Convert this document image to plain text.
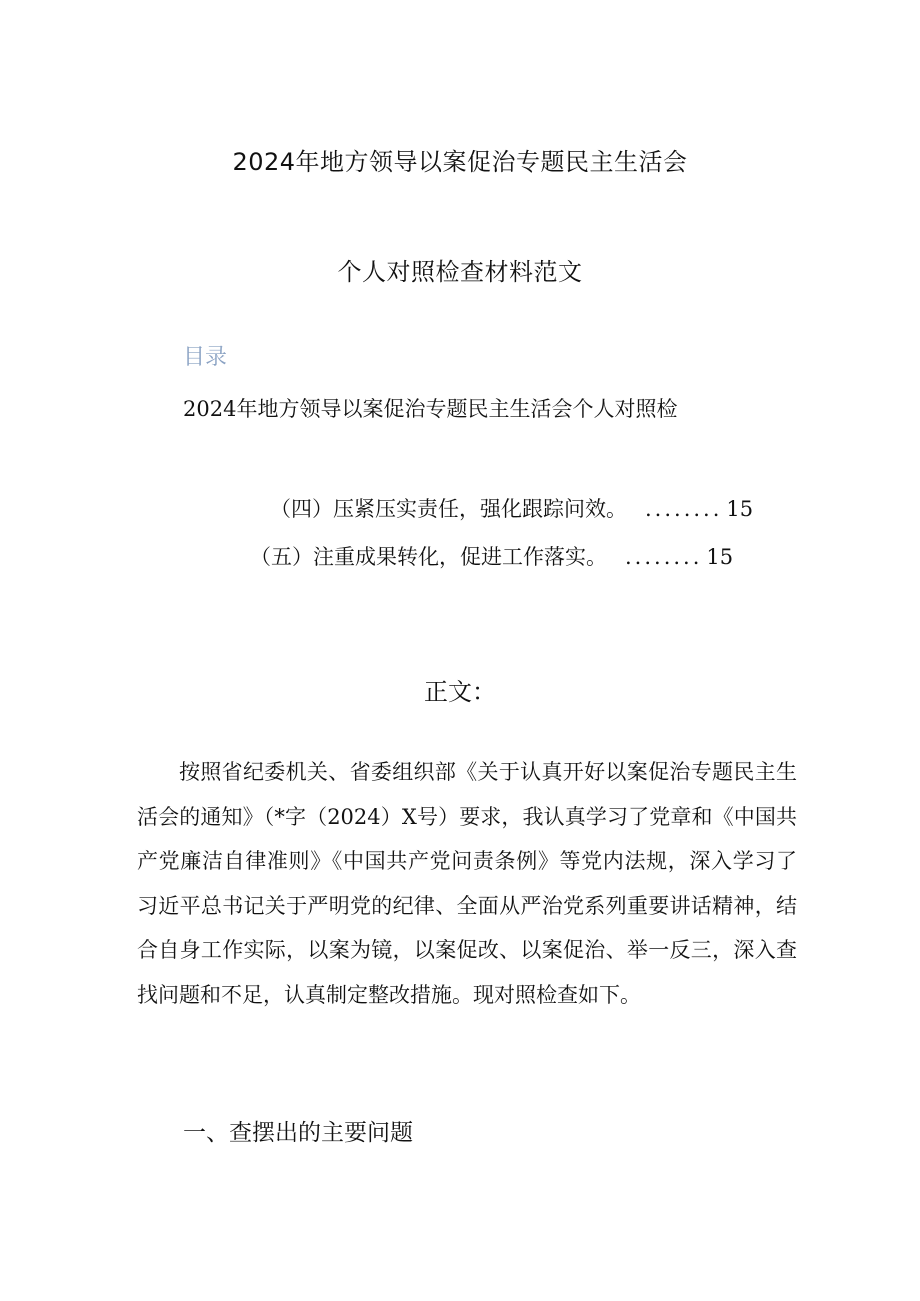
2024年地方领导以案促治专题民主生活会
个人对照检查材料范文
目录
2024年地方领导以案促治专题民主生活会个人对照检
（四）压紧压实责任，强化跟踪问效。 ........ 15
（五）注重成果转化，促进工作落实。 ........ 15
正文：

按照省纪委机关、省委组织部《关于认真开好以案促治专题民主生活会的通知》（*字（2024）X号）要求，我认真学习了党章和《中国共产党廉洁自律准则》《中国共产党问责条例》等党内法规，深入学习了习近平总书记关于严明党的纪律、全面从严治党系列重要讲话精神，结合自身工作实际，以案为镜，以案促改、以案促治、举一反三，深入查找问题和不足，认真制定整改措施。现对照检查如下。

一、查摆出的主要问题
